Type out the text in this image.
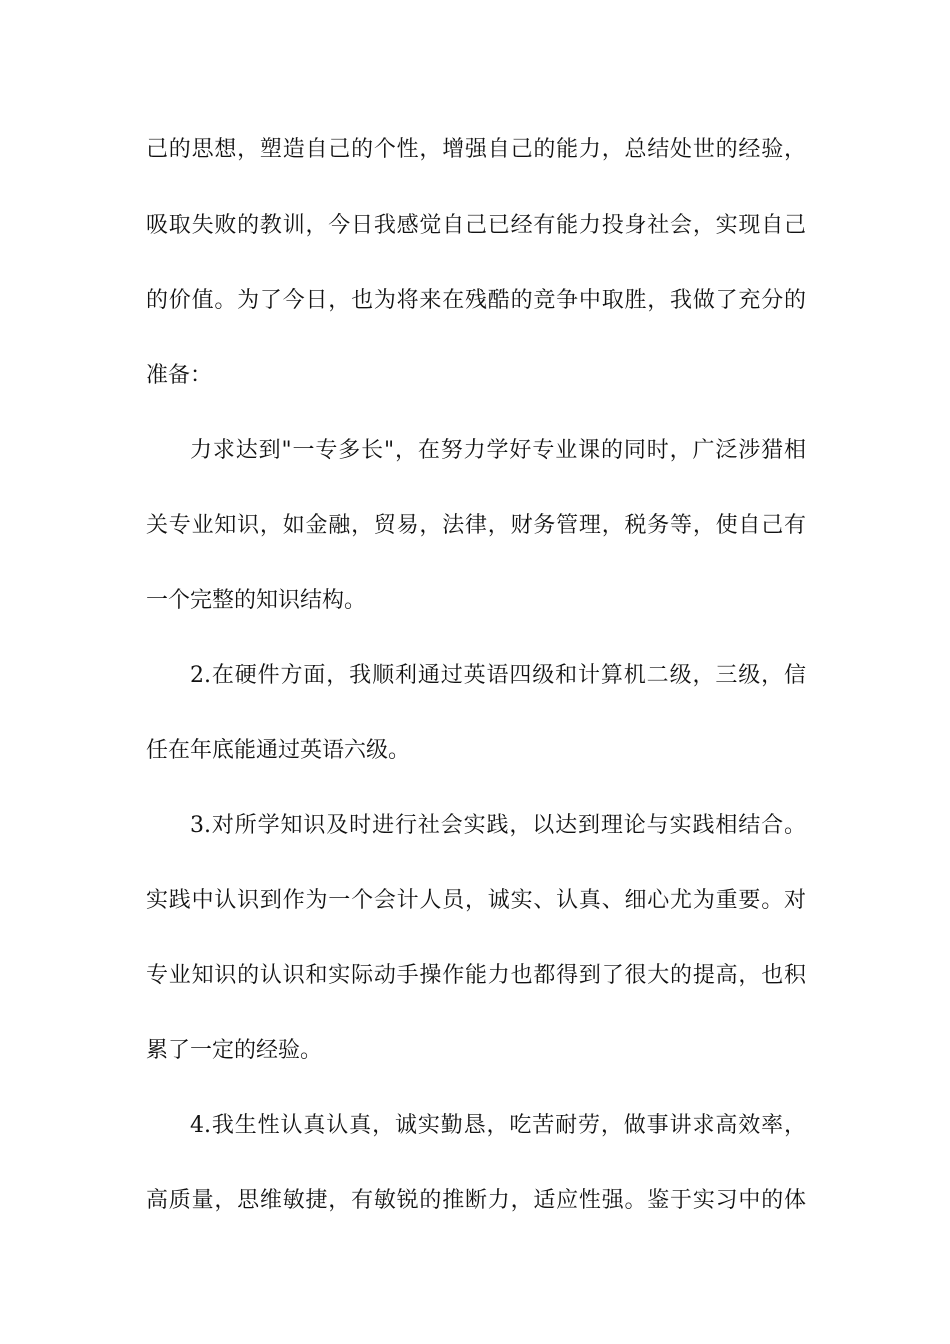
己的思想，塑造自己的个性，增强自己的能力，总结处世的经验，
吸取失败的教训，今日我感觉自己已经有能力投身社会，实现自己
的价值。为了今日，也为将来在残酷的竞争中取胜，我做了充分的
准备：
力求达到"一专多长"，在努力学好专业课的同时，广泛涉猎相
关专业知识，如金融，贸易，法律，财务管理，税务等，使自己有
一个完整的知识结构。
2.在硬件方面，我顺利通过英语四级和计算机二级，三级，信
任在年底能通过英语六级。
3.对所学知识及时进行社会实践，以达到理论与实践相结合。
实践中认识到作为一个会计人员，诚实、认真、细心尤为重要。对
专业知识的认识和实际动手操作能力也都得到了很大的提高，也积
累了一定的经验。
4.我生性认真认真，诚实勤恳，吃苦耐劳，做事讲求高效率，
高质量，思维敏捷，有敏锐的推断力，适应性强。鉴于实习中的体
